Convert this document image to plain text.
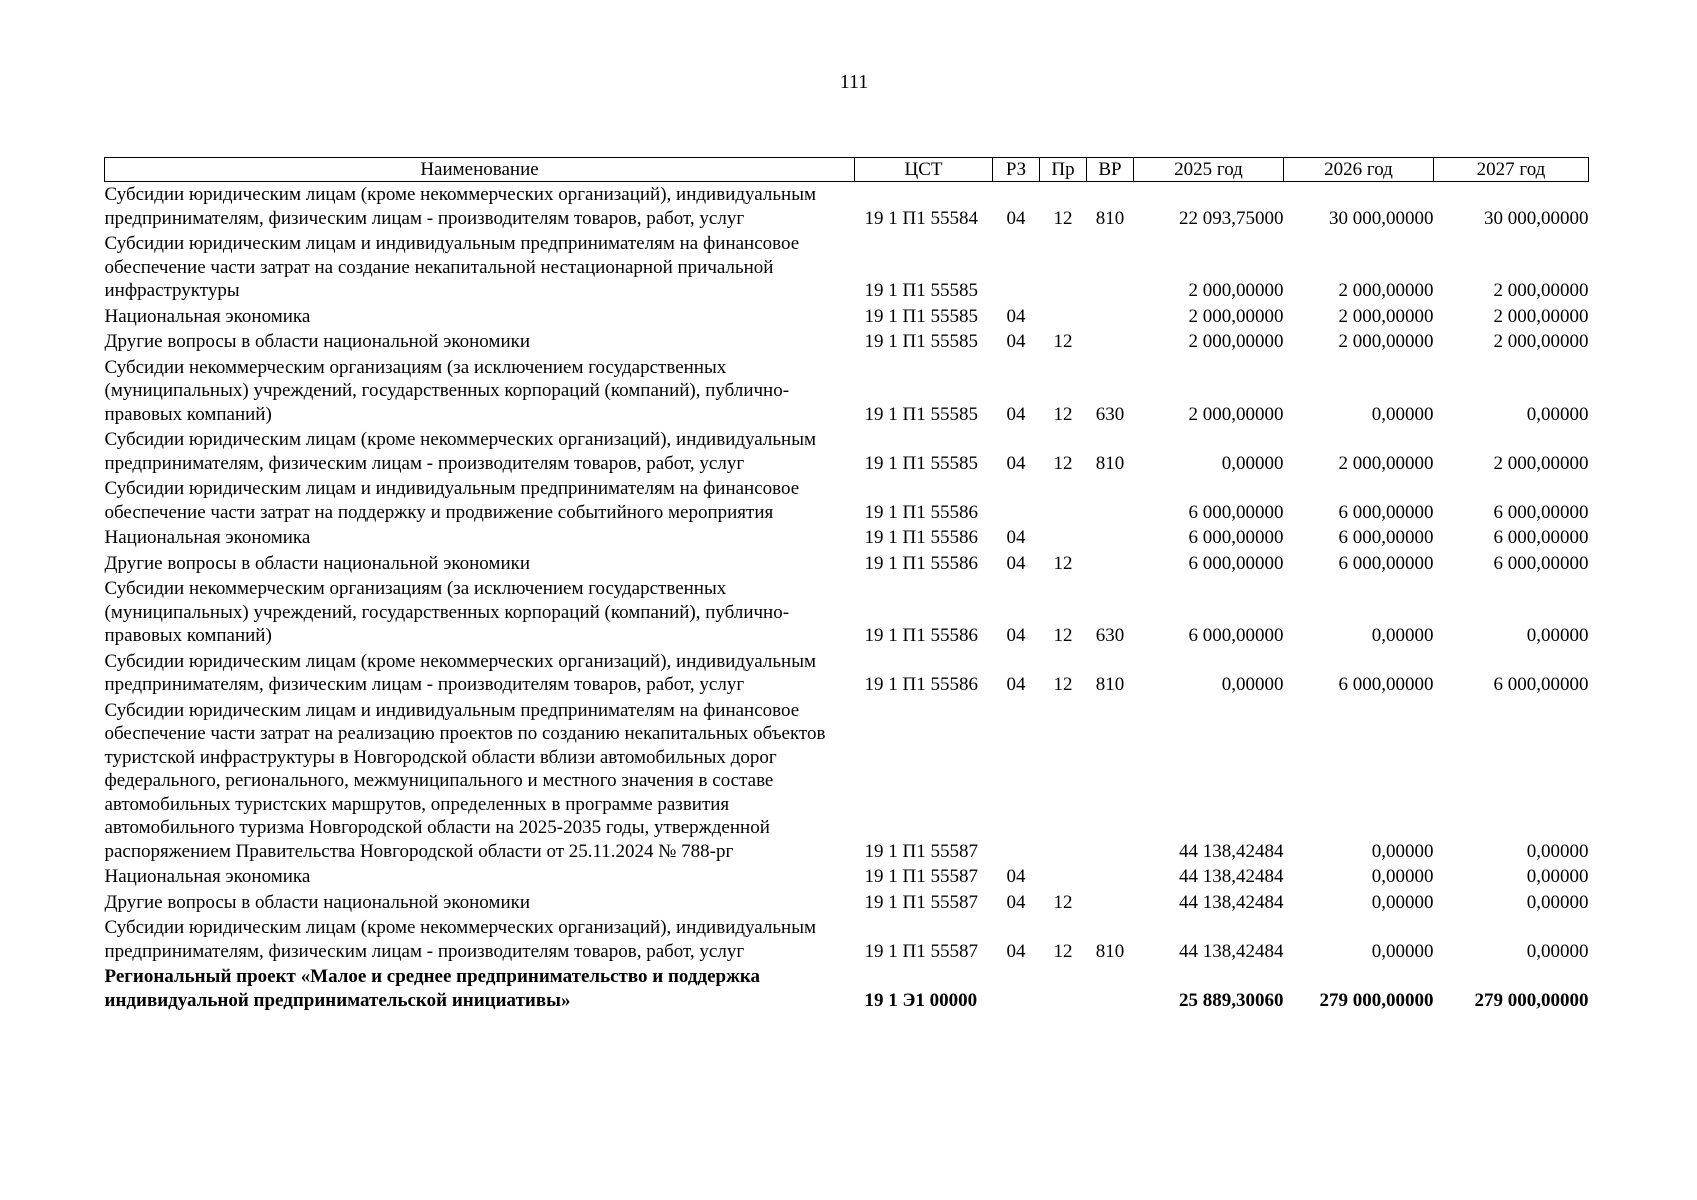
111
Наименование	ЦСТ	РЗ	Пр	ВР	2025 год	2026 год	2027 год
Субсидии юридическим лицам (кроме некоммерческих организаций), индивидуальным предпринимателям, физическим лицам - производителям товаров, работ, услуг	19 1 П1 55584	04	12	810	22 093,75000	30 000,00000	30 000,00000
Субсидии юридическим лицам и индивидуальным предпринимателям на финансовое обеспечение части затрат на создание некапитальной нестационарной причальной инфраструктуры	19 1 П1 55585				2 000,00000	2 000,00000	2 000,00000
Национальная экономика	19 1 П1 55585	04			2 000,00000	2 000,00000	2 000,00000
Другие вопросы в области национальной экономики	19 1 П1 55585	04	12		2 000,00000	2 000,00000	2 000,00000
Субсидии некоммерческим организациям (за исключением государственных (муниципальных) учреждений, государственных корпораций (компаний), публично-правовых компаний)	19 1 П1 55585	04	12	630	2 000,00000	0,00000	0,00000
Субсидии юридическим лицам (кроме некоммерческих организаций), индивидуальным предпринимателям, физическим лицам - производителям товаров, работ, услуг	19 1 П1 55585	04	12	810	0,00000	2 000,00000	2 000,00000
Субсидии юридическим лицам и индивидуальным предпринимателям на финансовое обеспечение части затрат на поддержку и продвижение событийного мероприятия	19 1 П1 55586				6 000,00000	6 000,00000	6 000,00000
Национальная экономика	19 1 П1 55586	04			6 000,00000	6 000,00000	6 000,00000
Другие вопросы в области национальной экономики	19 1 П1 55586	04	12		6 000,00000	6 000,00000	6 000,00000
Субсидии некоммерческим организациям (за исключением государственных (муниципальных) учреждений, государственных корпораций (компаний), публично-правовых компаний)	19 1 П1 55586	04	12	630	6 000,00000	0,00000	0,00000
Субсидии юридическим лицам (кроме некоммерческих организаций), индивидуальным предпринимателям, физическим лицам - производителям товаров, работ, услуг	19 1 П1 55586	04	12	810	0,00000	6 000,00000	6 000,00000
Субсидии юридическим лицам и индивидуальным предпринимателям на финансовое обеспечение части затрат на реализацию проектов по созданию некапитальных объектов туристской инфраструктуры в Новгородской области вблизи автомобильных дорог федерального, регионального, межмуниципального и местного значения в составе автомобильных туристских маршрутов, определенных в программе развития автомобильного туризма Новгородской области на 2025-2035 годы, утвержденной распоряжением Правительства Новгородской области от 25.11.2024 № 788-рг	19 1 П1 55587				44 138,42484	0,00000	0,00000
Национальная экономика	19 1 П1 55587	04			44 138,42484	0,00000	0,00000
Другие вопросы в области национальной экономики	19 1 П1 55587	04	12		44 138,42484	0,00000	0,00000
Субсидии юридическим лицам (кроме некоммерческих организаций), индивидуальным предпринимателям, физическим лицам - производителям товаров, работ, услуг	19 1 П1 55587	04	12	810	44 138,42484	0,00000	0,00000
Региональный проект «Малое и среднее предпринимательство и поддержка индивидуальной предпринимательской инициативы»	19 1 Э1 00000				25 889,30060	279 000,00000	279 000,00000
